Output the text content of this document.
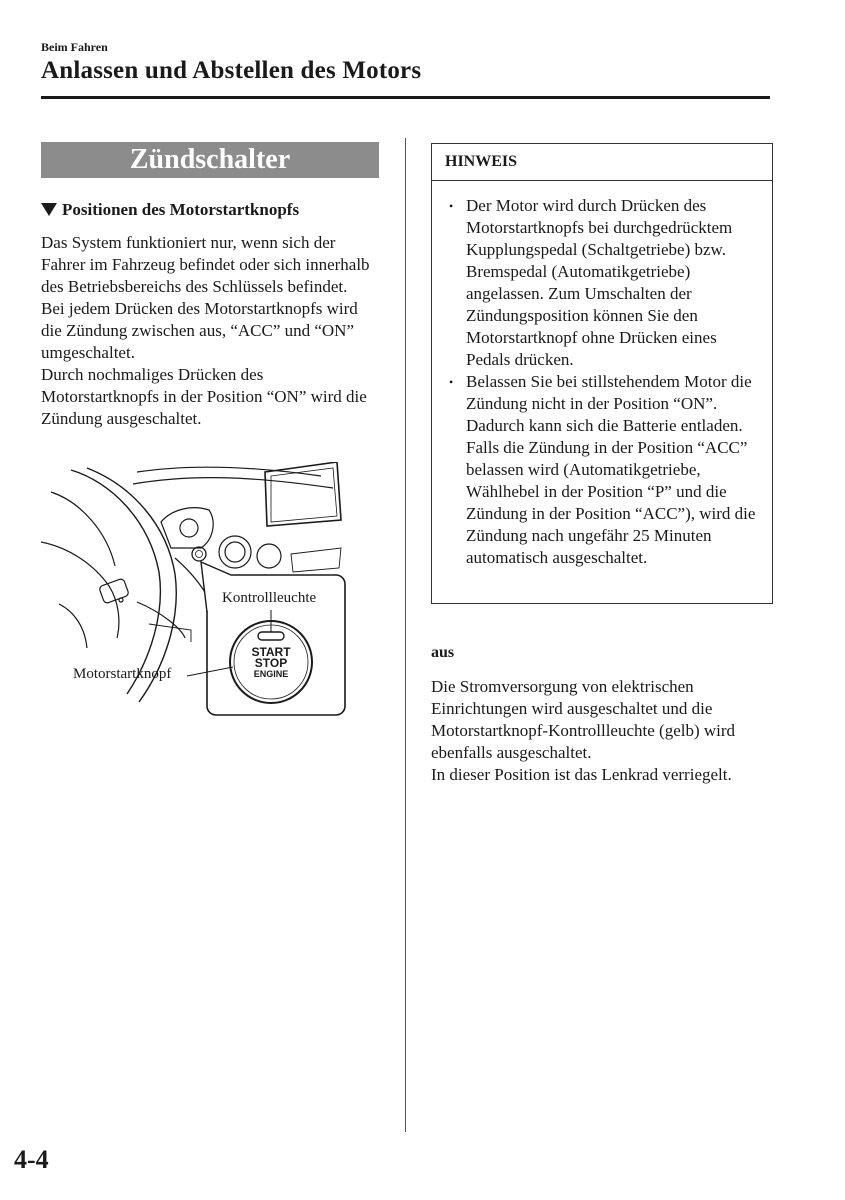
Beim Fahren
Anlassen und Abstellen des Motors
Zündschalter
Positionen des Motorstartknopfs

Das System funktioniert nur, wenn sich der Fahrer im Fahrzeug befindet oder sich innerhalb des Betriebsbereichs des Schlüssels befindet.

Bei jedem Drücken des Motorstartknopfs wird die Zündung zwischen aus, “ACC” und “ON” umgeschaltet.

Durch nochmaliges Drücken des Motorstartknopfs in der Position “ON” wird die Zündung ausgeschaltet.

Kontrollleuchte
Motorstartknopf
START
STOP
ENGINE
HINWEIS
• Der Motor wird durch Drücken des Motorstartknopfs bei durchgedrücktem Kupplungspedal (Schaltgetriebe) bzw. Bremspedal (Automatikgetriebe) angelassen. Zum Umschalten der Zündungsposition können Sie den Motorstartknopf ohne Drücken eines Pedals drücken.
• Belassen Sie bei stillstehendem Motor die Zündung nicht in der Position “ON”. Dadurch kann sich die Batterie entladen. Falls die Zündung in der Position “ACC” belassen wird (Automatikgetriebe, Wählhebel in der Position “P” und die Zündung in der Position “ACC”), wird die Zündung nach ungefähr 25 Minuten automatisch ausgeschaltet.
aus

Die Stromversorgung von elektrischen Einrichtungen wird ausgeschaltet und die Motorstartknopf-Kontrollleuchte (gelb) wird ebenfalls ausgeschaltet.

In dieser Position ist das Lenkrad verriegelt.

4-4
